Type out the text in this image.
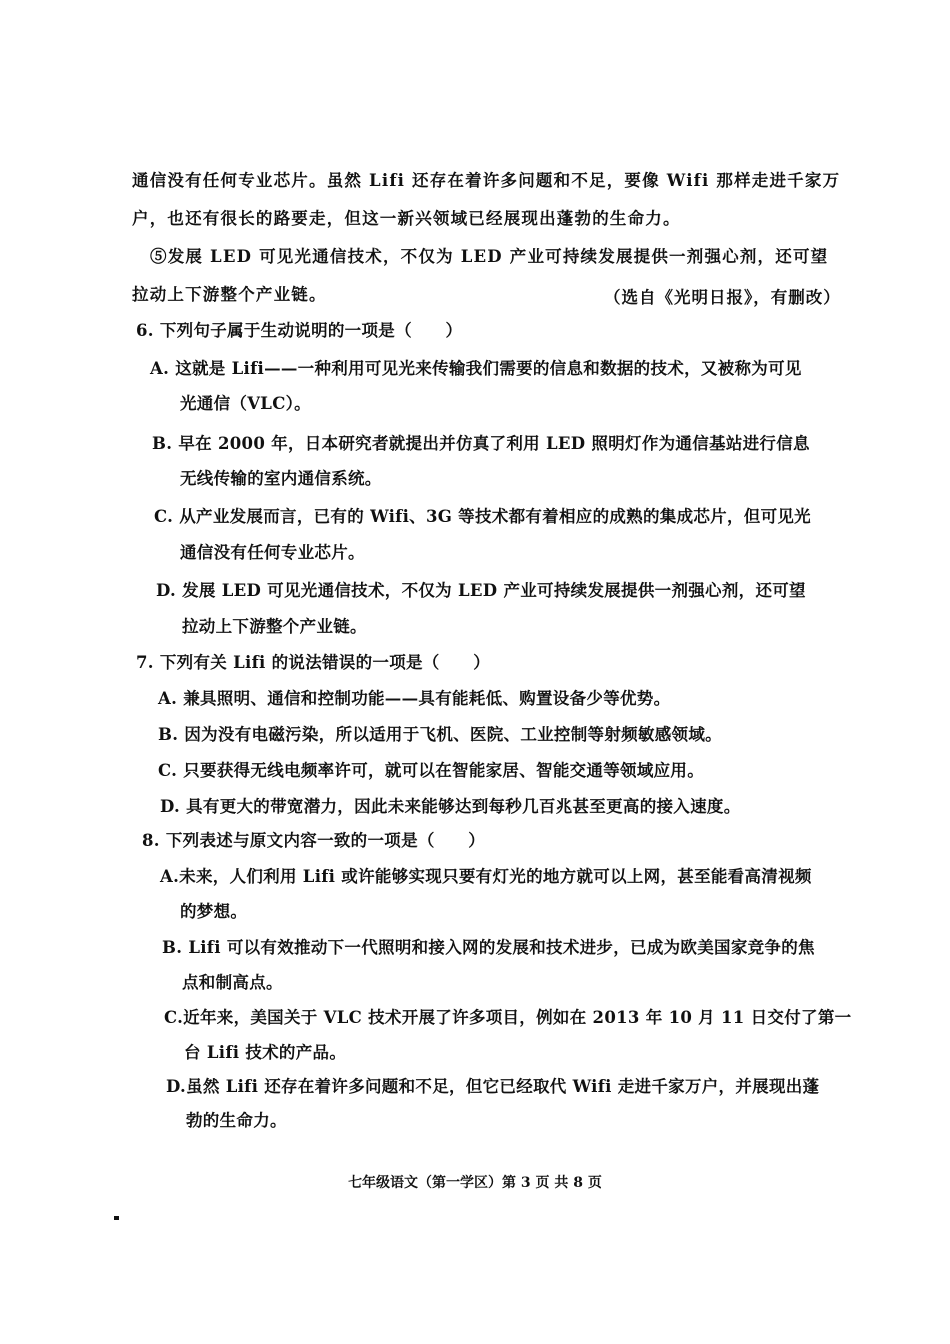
通信没有任何专业芯片。虽然 Lifi 还存在着许多问题和不足，要像 Wifi 那样走进千家万
户，也还有很长的路要走，但这一新兴领域已经展现出蓬勃的生命力。
⑤发展 LED 可见光通信技术，不仅为 LED 产业可持续发展提供一剂强心剂，还可望
拉动上下游整个产业链。	（选自《光明日报》，有删改）
6. 下列句子属于生动说明的一项是（　　）
A. 这就是 Lifi——一种利用可见光来传输我们需要的信息和数据的技术，又被称为可见
光通信（VLC）。
B. 早在 2000 年，日本研究者就提出并仿真了利用 LED 照明灯作为通信基站进行信息
无线传输的室内通信系统。
C. 从产业发展而言，已有的 Wifi、3G 等技术都有着相应的成熟的集成芯片，但可见光
通信没有任何专业芯片。
D. 发展 LED 可见光通信技术，不仅为 LED 产业可持续发展提供一剂强心剂，还可望
拉动上下游整个产业链。
7. 下列有关 Lifi 的说法错误的一项是（　　）
A. 兼具照明、通信和控制功能——具有能耗低、购置设备少等优势。
B. 因为没有电磁污染，所以适用于飞机、医院、工业控制等射频敏感领域。
C. 只要获得无线电频率许可，就可以在智能家居、智能交通等领域应用。
D. 具有更大的带宽潜力，因此未来能够达到每秒几百兆甚至更高的接入速度。
8. 下列表述与原文内容一致的一项是（　　）
A.未来，人们利用 Lifi 或许能够实现只要有灯光的地方就可以上网，甚至能看高清视频
的梦想。
B. Lifi 可以有效推动下一代照明和接入网的发展和技术进步，已成为欧美国家竞争的焦
点和制高点。
C.近年来，美国关于 VLC 技术开展了许多项目，例如在 2013 年 10 月 11 日交付了第一
台 Lifi 技术的产品。
D.虽然 Lifi 还存在着许多问题和不足，但它已经取代 Wifi 走进千家万户，并展现出蓬
勃的生命力。
七年级语文（第一学区）第 3 页 共 8 页
